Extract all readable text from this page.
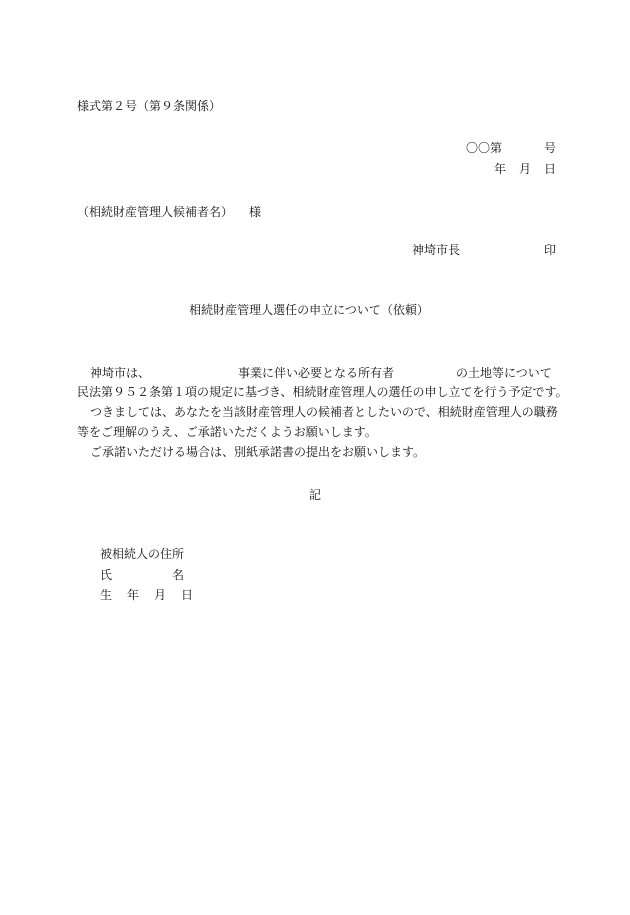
様式第２号（第９条関係）
〇〇第	号
年 月 日
（相続財産管理人候補者名） 様
神埼市長	印
相続財産管理人選任の申立について（依頼）
神埼市は、	事業に伴い必要となる所有者	の土地等について
民法第９５２条第１項の規定に基づき、相続財産管理人の選任の申し立てを行う予定です。
つきましては、あなたを当該財産管理人の候補者としたいので、相続財産管理人の職務
等をご理解のうえ、ご承諾いただくようお願いします。
ご承諾いただける場合は、別紙承諾書の提出をお願いします。
記
被相続人の住所
氏	名
生 年 月 日
